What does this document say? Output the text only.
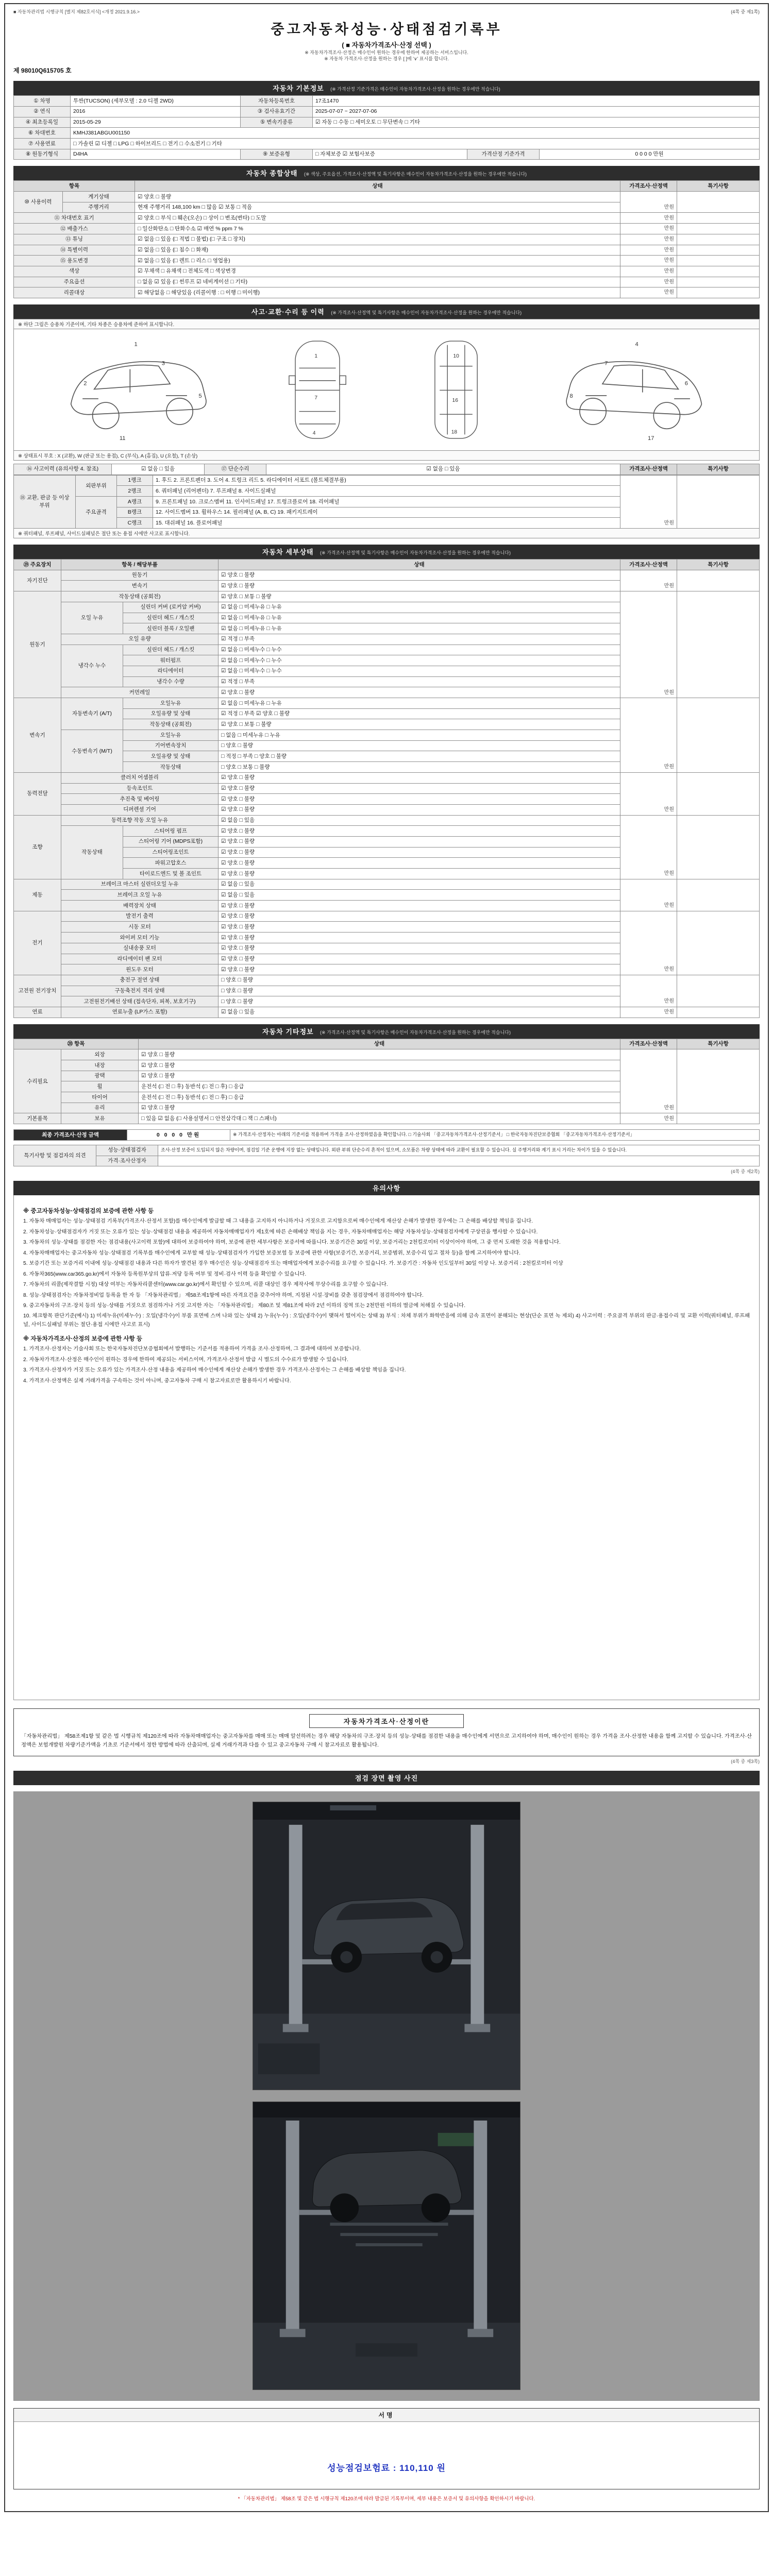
■ 자동차관리법 시행규칙 [별지 제82호서식] <개정 2021.9.16.>	(4쪽 중 제1쪽)
중고자동차성능·상태점검기록부
( ■ 자동차가격조사·산정 선택 )
※ 자동차가격조사·산정은 매수인이 원하는 경우에 한하여 제공하는 서비스입니다.
※ 자동차 가격조사·산정을 원하는 경우 [ ]에 '∨' 표시를 합니다.
제 98010Q615705 호
자동차 기본정보 (※ 가격산정 기준가격은 매수인이 자동차가격조사·산정을 원하는 경우에만 적습니다)
① 차명	투싼(TUCSON) (세부모델 : 2.0 디젤 2WD)	자동차등록번호	17조1470		
② 연식	2016	③ 검사유효기간	2025-07-07 ~ 2027-07-06		
④ 최초등록일	2015-05-29	⑤ 변속기종류	☑ 자동 □ 수동 □ 세미오토 □ 무단변속 □ 기타		
⑥ 차대번호	KMHJ381ABGU001150				
⑦ 사용연료	□ 가솔린 ☑ 디젤 □ LPG □ 하이브리드 □ 전기 □ 수소전기 □ 기타				
⑧ 원동기형식	D4HA	⑨ 보증유형	□ 자체보증 ☑ 보험사보증	가격산정 기준가격	0 0 0 0 만원
자동차 종합상태 (※ 색상, 주요옵션, 가격조사·산정액 및 특기사항은 매수인이 자동차가격조사·산정을 원하는 경우에만 적습니다)
항목		상태	가격조사·산정액	특기사항
⑩ 사용이력	계기상태	☑ 양호 □ 불량	만원	
	주행거리	현재 주행거리 148,100 km □ 많음 ☑ 보통 □ 적음		
⑪ 차대번호 표기		☑ 양호 □ 부식 □ 훼손(오손) □ 상이 □ 변조(변타) □ 도말	만원	
⑫ 배출가스		□ 일산화탄소 □ 탄화수소 ☑ 매연 % ppm 7 %	만원	
⑬ 튜닝		☑ 없음 □ 있음 (□ 적법 □ 불법) (□ 구조 □ 장치)	만원	
⑭ 특별이력		☑ 없음 □ 있음 (□ 침수 □ 화재)	만원	
⑮ 용도변경		☑ 없음 □ 있음 (□ 렌트 □ 리스 □ 영업용)	만원	
색상		☑ 무채색 □ 유채색 □ 전체도색 □ 색상변경	만원	
주요옵션		□ 없음 ☑ 있음 (□ 썬루프 ☑ 네비게이션 □ 기타)	만원	
리콜대상		☑ 해당없음 □ 해당있음 (리콜이행 : □ 이행 □ 미이행)	만원	
사고·교환·수리 등 이력 (※ 가격조사·산정액 및 특기사항은 매수인이 자동차가격조사·산정을 원하는 경우에만 적습니다)
※ 하단 그림은 승용차 기준이며, 기타 차종은 승용차에 준하여 표시합니다.
1
2
3
5
11
1
7
4
10
16
18
4
6
7
8
17
※ 상태표시 부호 : X (교환), W (판금 또는 용접), C (부식), A (흠집), U (요철), T (손상)
⑯ 사고이력 (유의사항 4. 참조)	☑ 없음 □ 있음	⑰ 단순수리	☑ 없음 □ 있음	가격조사·산정액	특기사항
⑱ 교환, 판금 등 이상 부위	외판부위	1랭크	1. 후드 2. 프론트펜더 3. 도어 4. 트렁크 리드 5. 라디에이터 서포트 (볼트체결부품)	만원	
		2랭크	6. 쿼터패널 (리어펜더) 7. 루프패널 8. 사이드실패널		
	주요골격	A랭크	9. 프론트패널 10. 크로스멤버 11. 인사이드패널 17. 트렁크플로어 18. 리어패널		
		B랭크	12. 사이드멤버 13. 휠하우스 14. 필러패널 (A, B, C) 19. 패키지트레이		
		C랭크	15. 대쉬패널 16. 플로어패널		
※ 쿼터패널, 루프패널, 사이드실패널은 절단 또는 용접 시에만 사고로 표시합니다.
자동차 세부상태 (※ 가격조사·산정액 및 특기사항은 매수인이 자동차가격조사·산정을 원하는 경우에만 적습니다)
⑲ 주요장치	항목 / 해당부품		상태	가격조사·산정액	특기사항
자기진단	원동기		☑ 양호 □ 불량	만원	
	변속기		☑ 양호 □ 불량		
원동기	작동상태 (공회전)		☑ 양호 □ 보통 □ 불량	만원	
	오일 누유	실린더 커버 (로커암 커버)	☑ 없음 □ 미세누유 □ 누유		
		실린더 헤드 / 개스킷	☑ 없음 □ 미세누유 □ 누유		
		실린더 블록 / 오일팬	☑ 없음 □ 미세누유 □ 누유		
	오일 유량		☑ 적정 □ 부족		
	냉각수 누수	실린더 헤드 / 개스킷	☑ 없음 □ 미세누수 □ 누수		
		워터펌프	☑ 없음 □ 미세누수 □ 누수		
		라디에이터	☑ 없음 □ 미세누수 □ 누수		
		냉각수 수량	☑ 적정 □ 부족		
	커먼레일		☑ 양호 □ 불량		
변속기	자동변속기 (A/T)	오일누유	☑ 없음 □ 미세누유 □ 누유	만원	
		오일유량 및 상태	☑ 적정 □ 부족 ☑ 양호 □ 불량		
		작동상태 (공회전)	☑ 양호 □ 보통 □ 불량		
	수동변속기 (M/T)	오일누유	□ 없음 □ 미세누유 □ 누유		
		기어변속장치	□ 양호 □ 불량		
		오일유량 및 상태	□ 적정 □ 부족 □ 양호 □ 불량		
		작동상태	□ 양호 □ 보통 □ 불량		
동력전달	클러치 어셈블리		☑ 양호 □ 불량	만원	
	등속조인트		☑ 양호 □ 불량		
	추진축 및 베어링		☑ 양호 □ 불량		
	디퍼렌셜 기어		☑ 양호 □ 불량		
조향	동력조향 작동 오일 누유		☑ 없음 □ 있음	만원	
	작동상태	스티어링 펌프	☑ 양호 □ 불량		
		스티어링 기어 (MDPS포함)	☑ 양호 □ 불량		
		스티어링조인트	☑ 양호 □ 불량		
		파워고압호스	☑ 양호 □ 불량		
		타이로드엔드 및 볼 조인트	☑ 양호 □ 불량		
제동	브레이크 마스터 실린더오일 누유		☑ 없음 □ 있음	만원	
	브레이크 오일 누유		☑ 없음 □ 있음		
	배력장치 상태		☑ 양호 □ 불량		
전기	발전기 출력		☑ 양호 □ 불량	만원	
	시동 모터		☑ 양호 □ 불량		
	와이퍼 모터 기능		☑ 양호 □ 불량		
	실내송풍 모터		☑ 양호 □ 불량		
	라디에이터 팬 모터		☑ 양호 □ 불량		
	윈도우 모터		☑ 양호 □ 불량		
고전원 전기장치	충전구 절연 상태		□ 양호 □ 불량	만원	
	구동축전지 격리 상태		□ 양호 □ 불량		
	고전원전기배선 상태 (접속단자, 피복, 보호기구)		□ 양호 □ 불량		
연료	연료누출 (LP가스 포함)		☑ 없음 □ 있음	만원	
자동차 기타정보 (※ 가격조사·산정액 및 특기사항은 매수인이 자동차가격조사·산정을 원하는 경우에만 적습니다)
⑳ 항목		상태	가격조사·산정액	특기사항
수리필요	외장	☑ 양호 □ 불량	만원	
	내장	☑ 양호 □ 불량		
	광택	☑ 양호 □ 불량		
	휠	운전석 (□ 전 □ 후) 동반석 (□ 전 □ 후) □ 응급		
	타이어	운전석 (□ 전 □ 후) 동반석 (□ 전 □ 후) □ 응급		
	유리	☑ 양호 □ 불량		
기본품목	보유	□ 있음 ☑ 없음 (□ 사용설명서 □ 안전삼각대 □ 잭 □ 스패너)	만원	
최종 가격조사·산정 금액	0 0 0 0 만원	※ 가격조사·산정자는 아래의 기준서를 적용하여 가격을 조사·산정하였음을 확인합니다. □ 기술사회 「중고자동차가격조사·산정기준서」 □ 한국자동차진단보증협회 「중고자동차가격조사·산정기준서」
특기사항 및 점검자의 의견	성능·상태점검자	조사·산정 보증이 도입되지 않은 차량이며, 점검일 기준 운행에 지장 없는 상태입니다. 외판 부위 단순수리 흔적이 있으며, 소모품은 차량 상태에 따라 교환이 필요할 수 있습니다. 실 주행거리와 계기 표시 거리는 차이가 있을 수 있습니다.
	가격·조사산정자	
(4쪽 중 제2쪽)
유의사항
※ 중고자동차성능·상태점검의 보증에 관한 사항 등
1. 자동차 매매업자는 성능·상태점검 기록부(가격조사·산정서 포함)를 매수인에게 발급할 때 그 내용을 고지하지 아니하거나 거짓으로 고지함으로써 매수인에게 재산상 손해가 발생한 경우에는 그 손해를 배상할 책임을 집니다.
2. 자동차성능·상태점검자가 거짓 또는 오류가 있는 성능·상태점검 내용을 제공하여 자동차매매업자가 제1호에 따른 손해배상 책임을 지는 경우, 자동차매매업자는 해당 자동차성능·상태점검자에게 구상권을 행사할 수 있습니다.
3. 자동차의 성능·상태를 점검한 자는 점검내용(사고이력 포함)에 대하여 보증하여야 하며, 보증에 관한 세부사항은 보증서에 따릅니다. 보증기간은 30일 이상, 보증거리는 2천킬로미터 이상이어야 하며, 그 중 먼저 도래한 것을 적용합니다.
4. 자동차매매업자는 중고자동차 성능·상태점검 기록부를 매수인에게 교부할 때 성능·상태점검자가 가입한 보증보험 등 보증에 관한 사항(보증기간, 보증거리, 보증범위, 보증수리 입고 절차 등)을 함께 고지하여야 합니다.
5. 보증기간 또는 보증거리 이내에 성능·상태점검 내용과 다른 하자가 발견된 경우 매수인은 성능·상태점검자 또는 매매업자에게 보증수리를 요구할 수 있습니다. 가. 보증기간 : 자동차 인도일부터 30일 이상 나. 보증거리 : 2천킬로미터 이상
6. 자동차365(www.car365.go.kr)에서 자동차 등록원부상의 압류·저당 등록 여부 및 정비·검사 이력 등을 확인할 수 있습니다.
7. 자동차의 리콜(제작결함 시정) 대상 여부는 자동차리콜센터(www.car.go.kr)에서 확인할 수 있으며, 리콜 대상인 경우 제작사에 무상수리를 요구할 수 있습니다.
8. 성능·상태점검자는 자동차정비업 등록을 한 자 등 「자동차관리법」 제58조제1항에 따른 자격요건을 갖추어야 하며, 지정된 시설·장비를 갖춘 점검장에서 점검하여야 합니다.
9. 중고자동차의 구조·장치 등의 성능·상태를 거짓으로 점검하거나 거짓 고지한 자는 「자동차관리법」 제80조 및 제81조에 따라 2년 이하의 징역 또는 2천만원 이하의 벌금에 처해질 수 있습니다.
10. 체크항목 판단기준(예시) 1) 미세누유(미세누수) : 오일(냉각수)이 부품 표면에 스며 나와 있는 상태 2) 누유(누수) : 오일(냉각수)이 맺혀서 떨어지는 상태 3) 부식 : 차체 부위가 화학반응에 의해 금속 표면이 분해되는 현상(단순 표면 녹 제외) 4) 사고이력 : 주요골격 부위의 판금·용접수리 및 교환 이력(쿼터패널, 루프패널, 사이드실패널 부위는 절단·용접 시에만 사고로 표시)
※ 자동차가격조사·산정의 보증에 관한 사항 등
1. 가격조사·산정자는 기술사회 또는 한국자동차진단보증협회에서 발행하는 기준서를 적용하여 가격을 조사·산정하며, 그 결과에 대하여 보증합니다.
2. 자동차가격조사·산정은 매수인이 원하는 경우에 한하여 제공되는 서비스이며, 가격조사·산정서 발급 시 별도의 수수료가 발생할 수 있습니다.
3. 가격조사·산정자가 거짓 또는 오류가 있는 가격조사·산정 내용을 제공하여 매수인에게 재산상 손해가 발생한 경우 가격조사·산정자는 그 손해를 배상할 책임을 집니다.
4. 가격조사·산정액은 실제 거래가격을 구속하는 것이 아니며, 중고자동차 구매 시 참고자료로만 활용하시기 바랍니다.
자동차가격조사·산정이란
「자동차관리법」 제58조제1항 및 같은 법 시행규칙 제120조에 따라 자동차매매업자는 중고자동차를 매매 또는 매매 알선하려는 경우 해당 자동차의 구조·장치 등의 성능·상태를 점검한 내용을 매수인에게 서면으로 고지하여야 하며, 매수인이 원하는 경우 가격을 조사·산정한 내용을 함께 고지할 수 있습니다. 가격조사·산정액은 보험개발원 차량기준가액을 기초로 기준서에서 정한 방법에 따라 산출되며, 실제 거래가격과 다를 수 있고 중고자동차 구매 시 참고자료로 활용됩니다.
(4쪽 중 제3쪽)
점검 장면 촬영 사진
서명
성능점검보험료 : 110,110 원
* 「자동차관리법」 제58조 및 같은 법 시행규칙 제120조에 따라 발급된 기록부이며, 세부 내용은 보증서 및 유의사항을 확인하시기 바랍니다.
